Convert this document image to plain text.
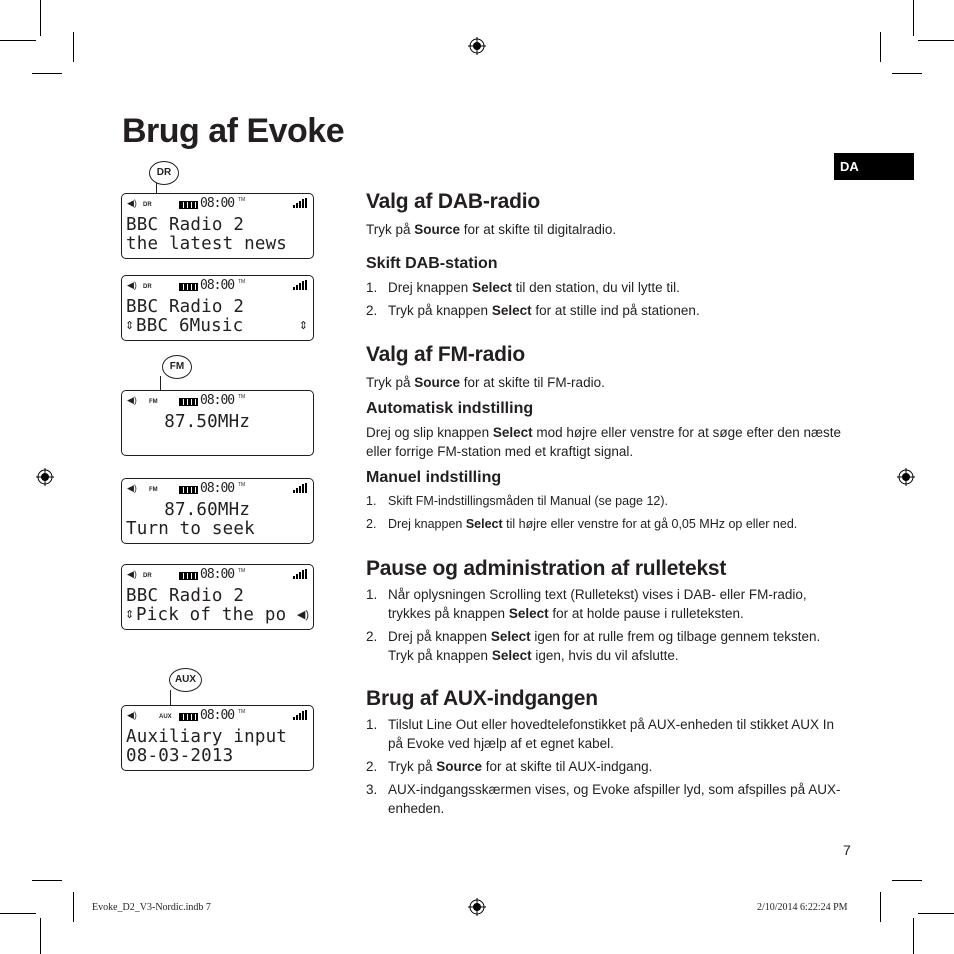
Brug af Evoke
DA
DR
FM
AUX
◀) DR	08:00 TM
BBC Radio 2
the latest news
◀) DR	08:00 TM
BBC Radio 2
⇕ BBC 6Music	⇕
◀) FM	08:00 TM
87.50MHz
◀) FM	08:00 TM
87.60MHz
Turn to seek
◀) DR	08:00 TM
BBC Radio 2
⇕ Pick of the po ◀)
◀)	AUX 08:00 TM
Auxiliary input
08-03-2013
Valg af DAB-radio

Tryk på Source for at skifte til digitalradio.

Skift DAB-station
1. Drej knappen Select til den station, du vil lytte til.
2. Tryk på knappen Select for at stille ind på stationen.
Valg af FM-radio

Tryk på Source for at skifte til FM-radio.

Automatisk indstilling

Drej og slip knappen Select mod højre eller venstre for at søge efter den næste eller forrige FM-station med et kraftigt signal.

Manuel indstilling
1. Skift FM-indstillingsmåden til Manual (se page 12).
2. Drej knappen Select til højre eller venstre for at gå 0,05 MHz op eller ned.
Pause og administration af rulletekst
1. Når oplysningen Scrolling text (Rulletekst) vises i DAB- eller FM-radio, trykkes på knappen Select for at holde pause i rulleteksten.
2. Drej på knappen Select igen for at rulle frem og tilbage gennem teksten. Tryk på knappen Select igen, hvis du vil afslutte.
Brug af AUX-indgangen
1. Tilslut Line Out eller hovedtelefonstikket på AUX-enheden til stikket AUX In på Evoke ved hjælp af et egnet kabel.
2. Tryk på Source for at skifte til AUX-indgang.
3. AUX-indgangsskærmen vises, og Evoke afspiller lyd, som afspilles på AUX-enheden.
7
Evoke_D2_V3-Nordic.indb 7	2/10/2014 6:22:24 PM
